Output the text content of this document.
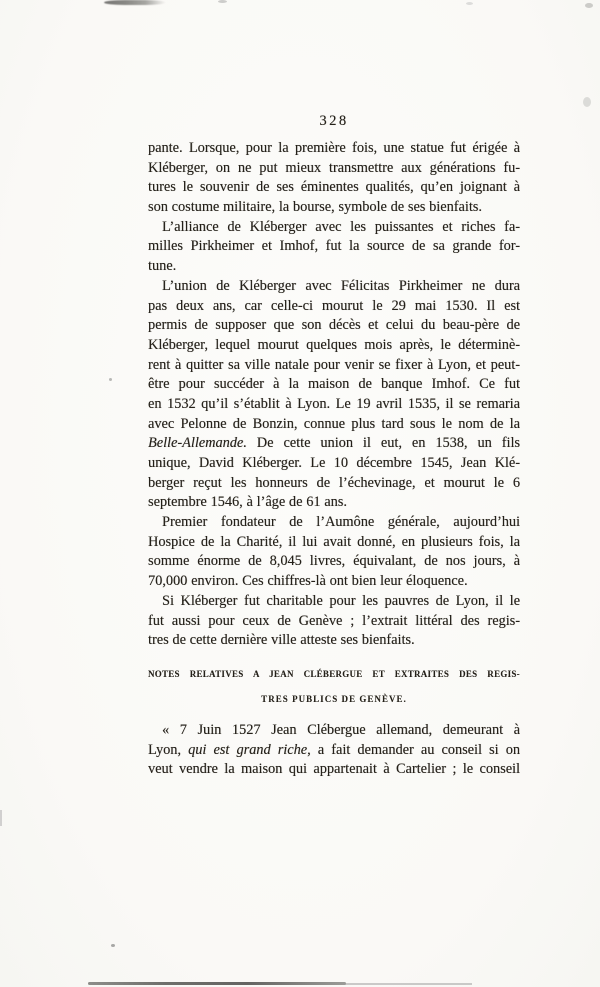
328
pante. Lorsque, pour la première fois, une statue fut érigée à
Kléberger, on ne put mieux transmettre aux générations fu-
tures le souvenir de ses éminentes qualités, qu’en joignant à
son costume militaire, la bourse, symbole de ses bienfaits.
L’alliance de Kléberger avec les puissantes et riches fa-
milles Pirkheimer et Imhof, fut la source de sa grande for-
tune.
L’union de Kléberger avec Félicitas Pirkheimer ne dura
pas deux ans, car celle-ci mourut le 29 mai 1530. Il est
permis de supposer que son décès et celui du beau-père de
Kléberger, lequel mourut quelques mois après, le déterminè-
rent à quitter sa ville natale pour venir se fixer à Lyon, et peut-
être pour succéder à la maison de banque Imhof. Ce fut
en 1532 qu’il s’établit à Lyon. Le 19 avril 1535, il se remaria
avec Pelonne de Bonzin, connue plus tard sous le nom de la
Belle-Allemande. De cette union il eut, en 1538, un fils
unique, David Kléberger. Le 10 décembre 1545, Jean Klé-
berger reçut les honneurs de l’échevinage, et mourut le 6
septembre 1546, à l’âge de 61 ans.
Premier fondateur de l’Aumône générale, aujourd’hui
Hospice de la Charité, il lui avait donné, en plusieurs fois, la
somme énorme de 8,045 livres, équivalant, de nos jours, à
70,000 environ. Ces chiffres-là ont bien leur éloquence.
Si Kléberger fut charitable pour les pauvres de Lyon, il le
fut aussi pour ceux de Genève ; l’extrait littéral des regis-
tres de cette dernière ville atteste ses bienfaits.
NOTES RELATIVES A JEAN CLÉBERGUE ET EXTRAITES DES REGIS-
TRES PUBLICS DE GENÈVE.
« 7 Juin 1527 Jean Clébergue allemand, demeurant à
Lyon, qui est grand riche, a fait demander au conseil si on
veut vendre la maison qui appartenait à Cartelier ; le conseil
